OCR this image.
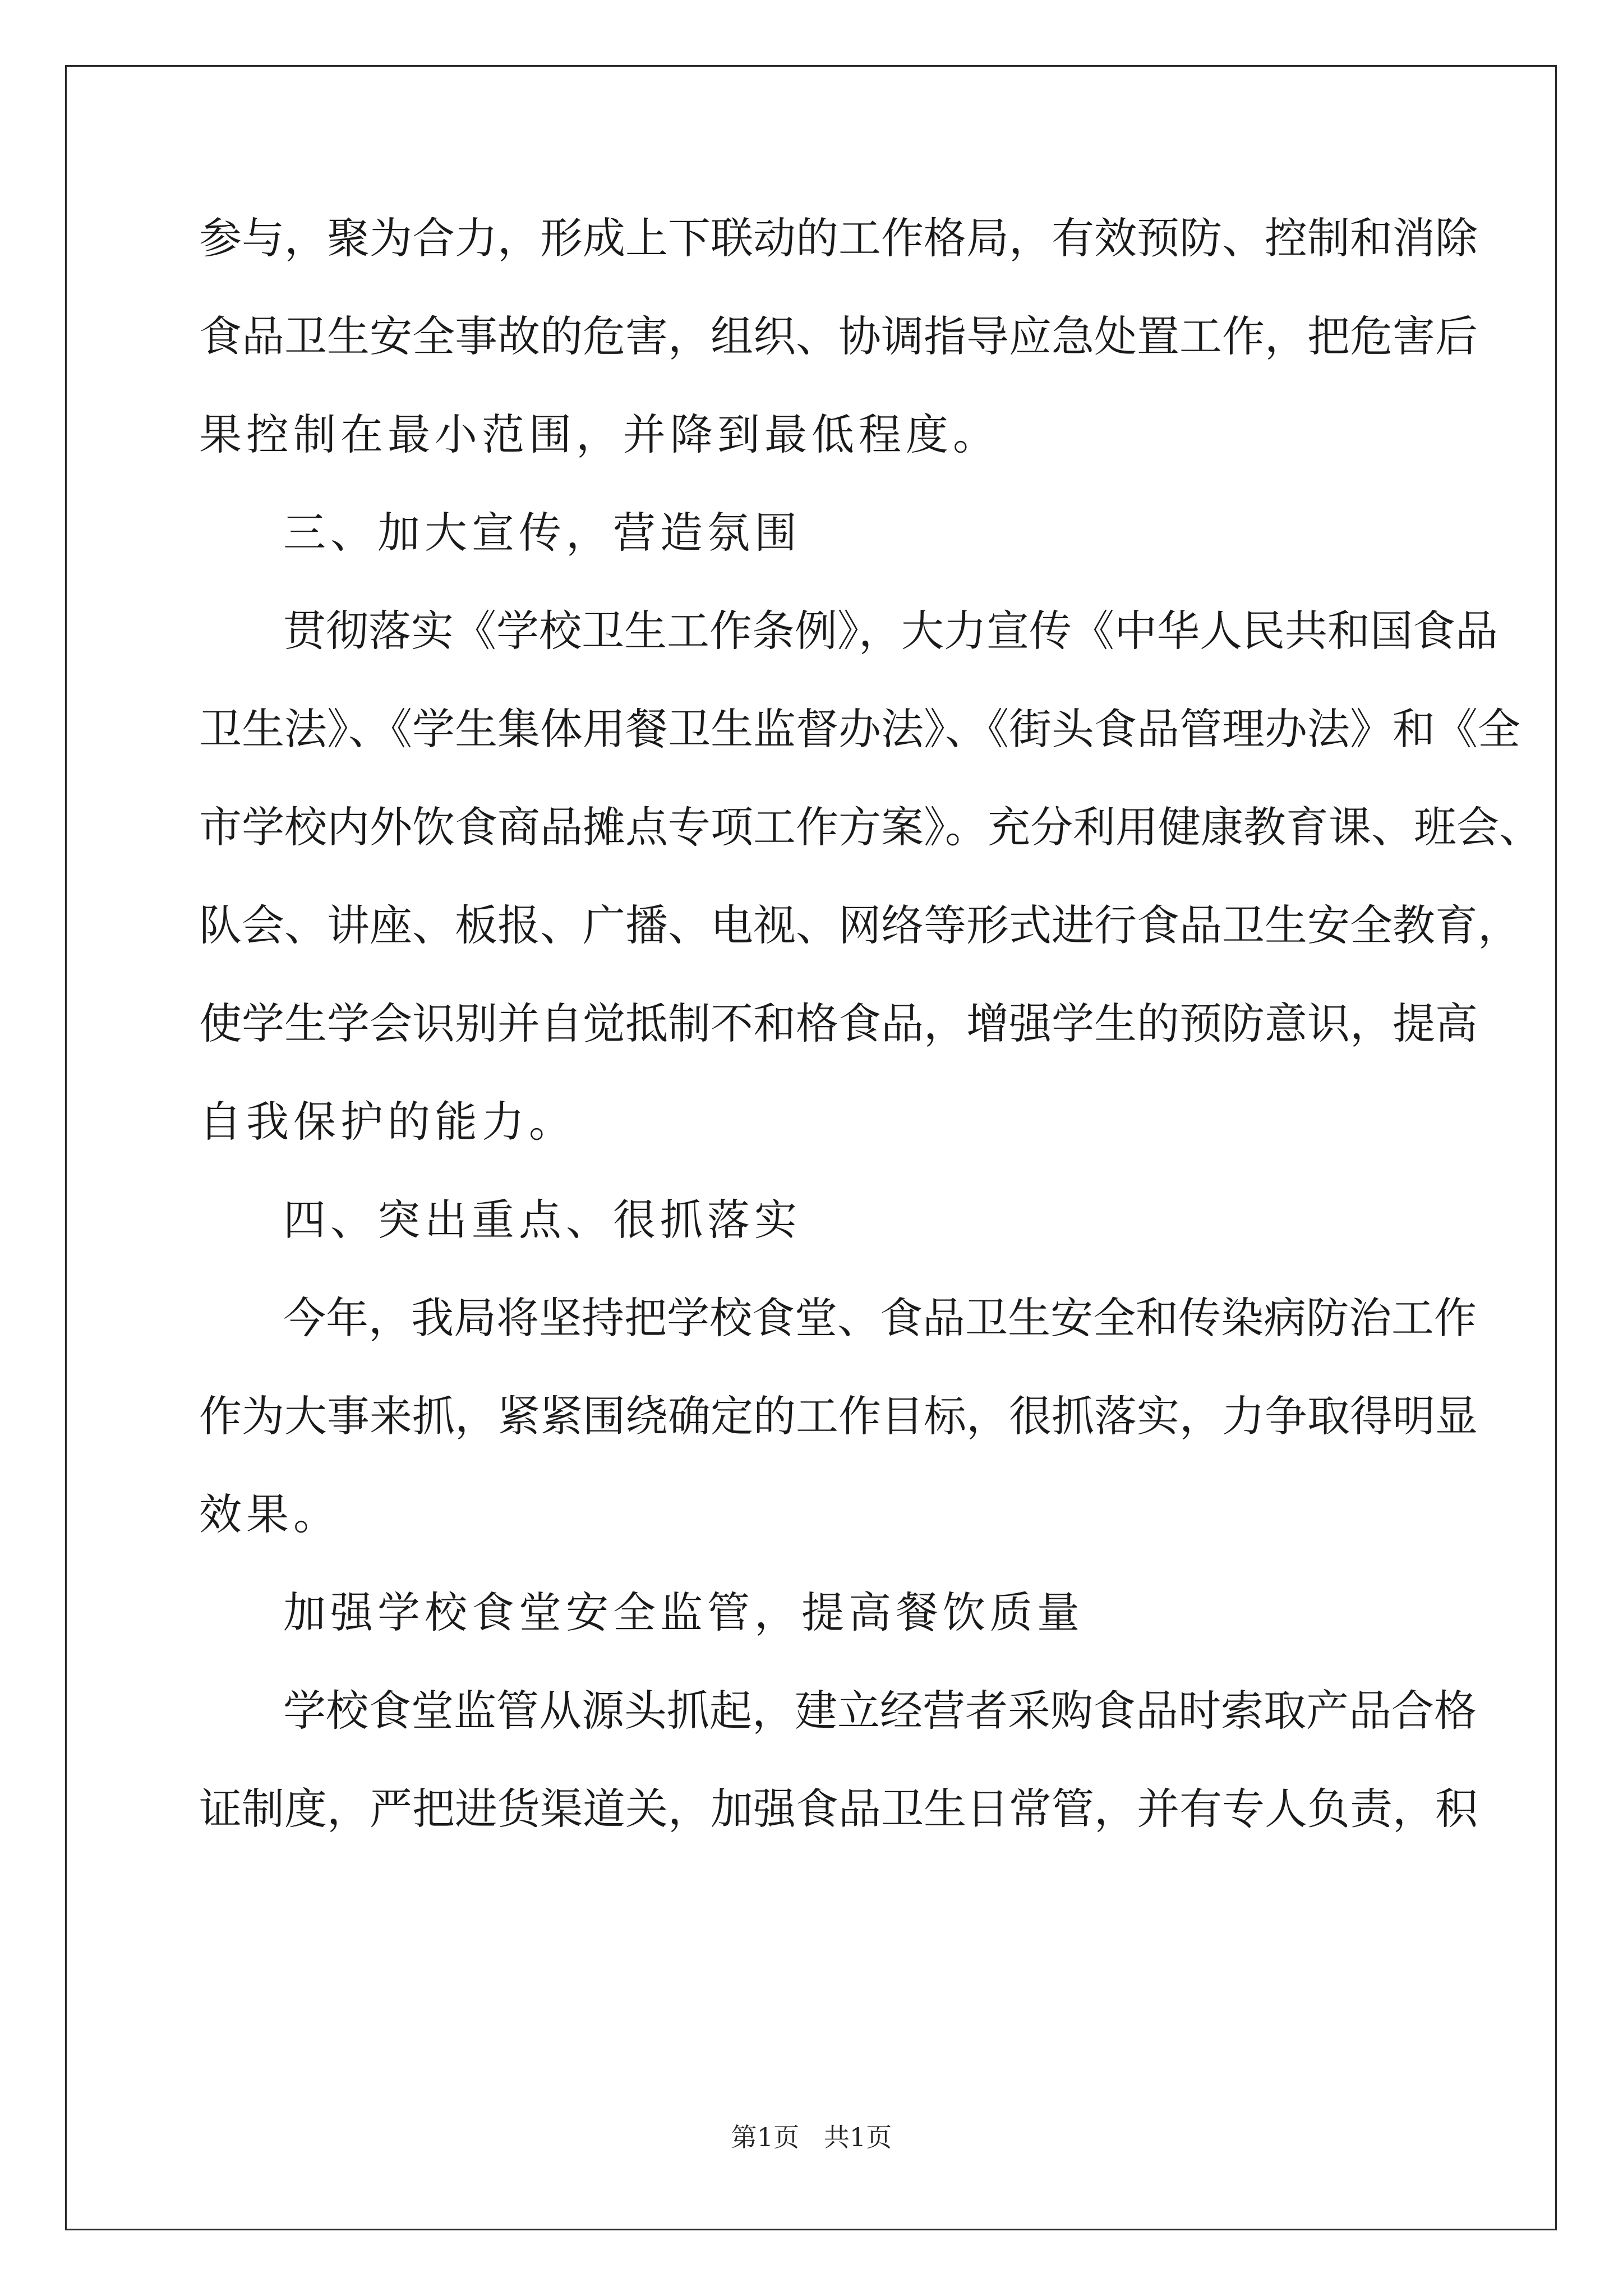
参与，聚为合力，形成上下联动的工作格局，有效预防、控制和消除
食品卫生安全事故的危害，组织、协调指导应急处置工作，把危害后
果控制在最小范围，并降到最低程度。
三、加大宣传，营造氛围
贯彻落实《学校卫生工作条例》，大力宣传《中华人民共和国食品
卫生法》、《学生集体用餐卫生监督办法》、《街头食品管理办法》和《全
市学校内外饮食商品摊点专项工作方案》。充分利用健康教育课、班会、
队会、讲座、板报、广播、电视、网络等形式进行食品卫生安全教育，
使学生学会识别并自觉抵制不和格食品，增强学生的预防意识，提高
自我保护的能力。
四、突出重点、很抓落实
今年，我局将坚持把学校食堂、食品卫生安全和传染病防治工作
作为大事来抓，紧紧围绕确定的工作目标，很抓落实，力争取得明显
效果。
加强学校食堂安全监管，提高餐饮质量
学校食堂监管从源头抓起，建立经营者采购食品时索取产品合格
证制度，严把进货渠道关，加强食品卫生日常管，并有专人负责，积
第1页   共1页
